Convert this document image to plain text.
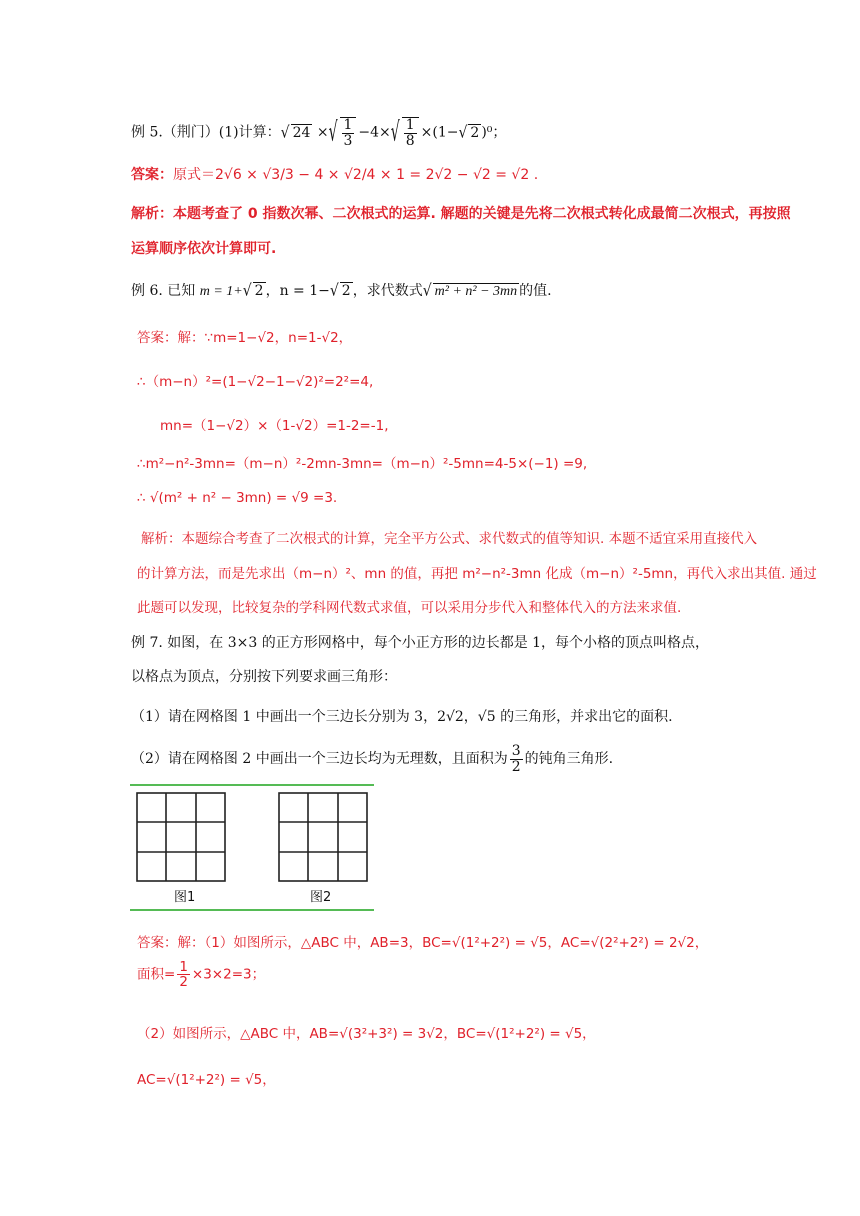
例 5.（荆门）(1)计算：√ 24 ×√ $\frac{1}{3} -4\times√ \frac{1}{8} \times(1-√$ 2 )⁰；
答案：原式＝2√6 × √3/3 − 4 × √2/4 × 1 = 2√2 − √2 = √2 .
解析：本题考查了 0 指数次幂、二次根式的运算. 解题的关键是先将二次根式转化成最简二次根式，再按照
运算顺序依次计算即可.
例 6. 已知 m = 1+√ 2 ，n = 1−√ 2 ，求代数式√ m² + n² − 3mn 的值.
答案：解：∵m=1−√2，n=1-√2，
∴（m−n）²=(1−√2−1−√2)²=2²=4,
mn=（1−√2）×（1-√2）=1-2=-1,
∴m²−n²-3mn=（m−n）²-2mn-3mn=（m−n）²-5mn=4-5×(−1) =9,
∴ √(m² + n² − 3mn) = √9 =3.
解析：本题综合考查了二次根式的计算，完全平方公式、求代数式的值等知识. 本题不适宜采用直接代入
的计算方法，而是先求出（m−n）²、mn 的值，再把 m²−n²-3mn 化成（m−n）²-5mn，再代入求出其值. 通过
此题可以发现，比较复杂的学科网代数式求值，可以采用分步代入和整体代入的方法来求值.
例 7. 如图，在 3×3 的正方形网格中，每个小正方形的边长都是 1，每个小格的顶点叫格点，
以格点为顶点，分别按下列要求画三角形：
（1）请在网格图 1 中画出一个三边长分别为 3，2√2，√5 的三角形，并求出它的面积.
（2）请在网格图 2 中画出一个三边长均为无理数，且面积为 $\frac{3}{2}$ 的钝角三角形.
图1	图2
答案：解：（1）如图所示，△ABC 中，AB=3，BC=√(1²+2²) = √5，AC=√(2²+2²) = 2√2，
面积= $\frac{1}{2} \times 3\times 2=3$；
（2）如图所示，△ABC 中，AB=√(3²+3²) = 3√2，BC=√(1²+2²) = √5，
AC=√(1²+2²) = √5，
